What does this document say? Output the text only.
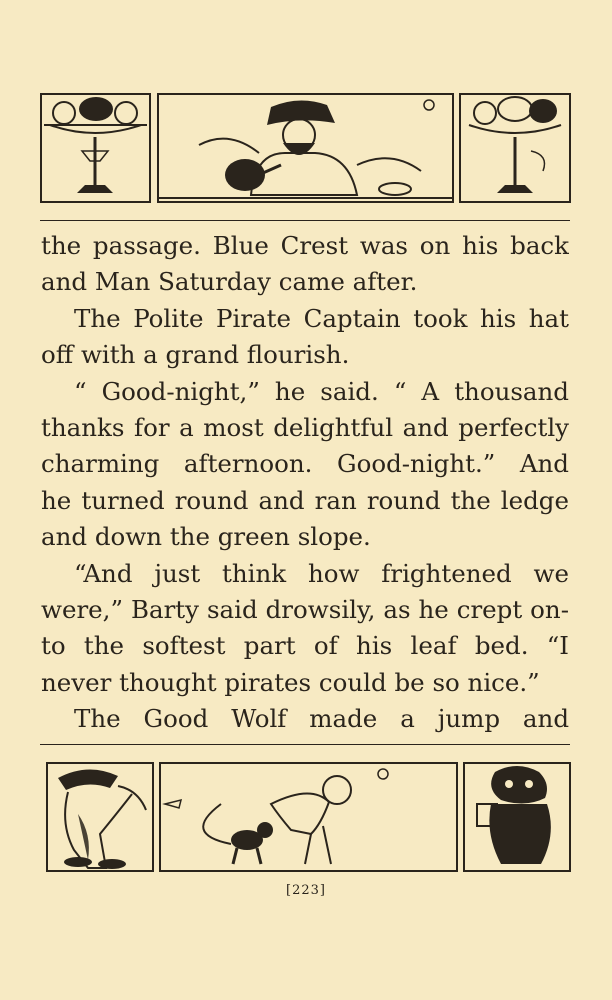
the passage. Blue Crest was on his back
and Man Saturday came after.
The Polite Pirate Captain took his hat
off with a grand flourish.
“ Good-night,” he said. “ A thousand
thanks for a most delightful and perfectly
charming afternoon. Good-night.” And
he turned round and ran round the ledge
and down the green slope.
“And just think how frightened we
were,” Barty said drowsily, as he crept on-
to the softest part of his leaf bed. “I
never thought pirates could be so nice.”
The Good Wolf made a jump and
[223]
